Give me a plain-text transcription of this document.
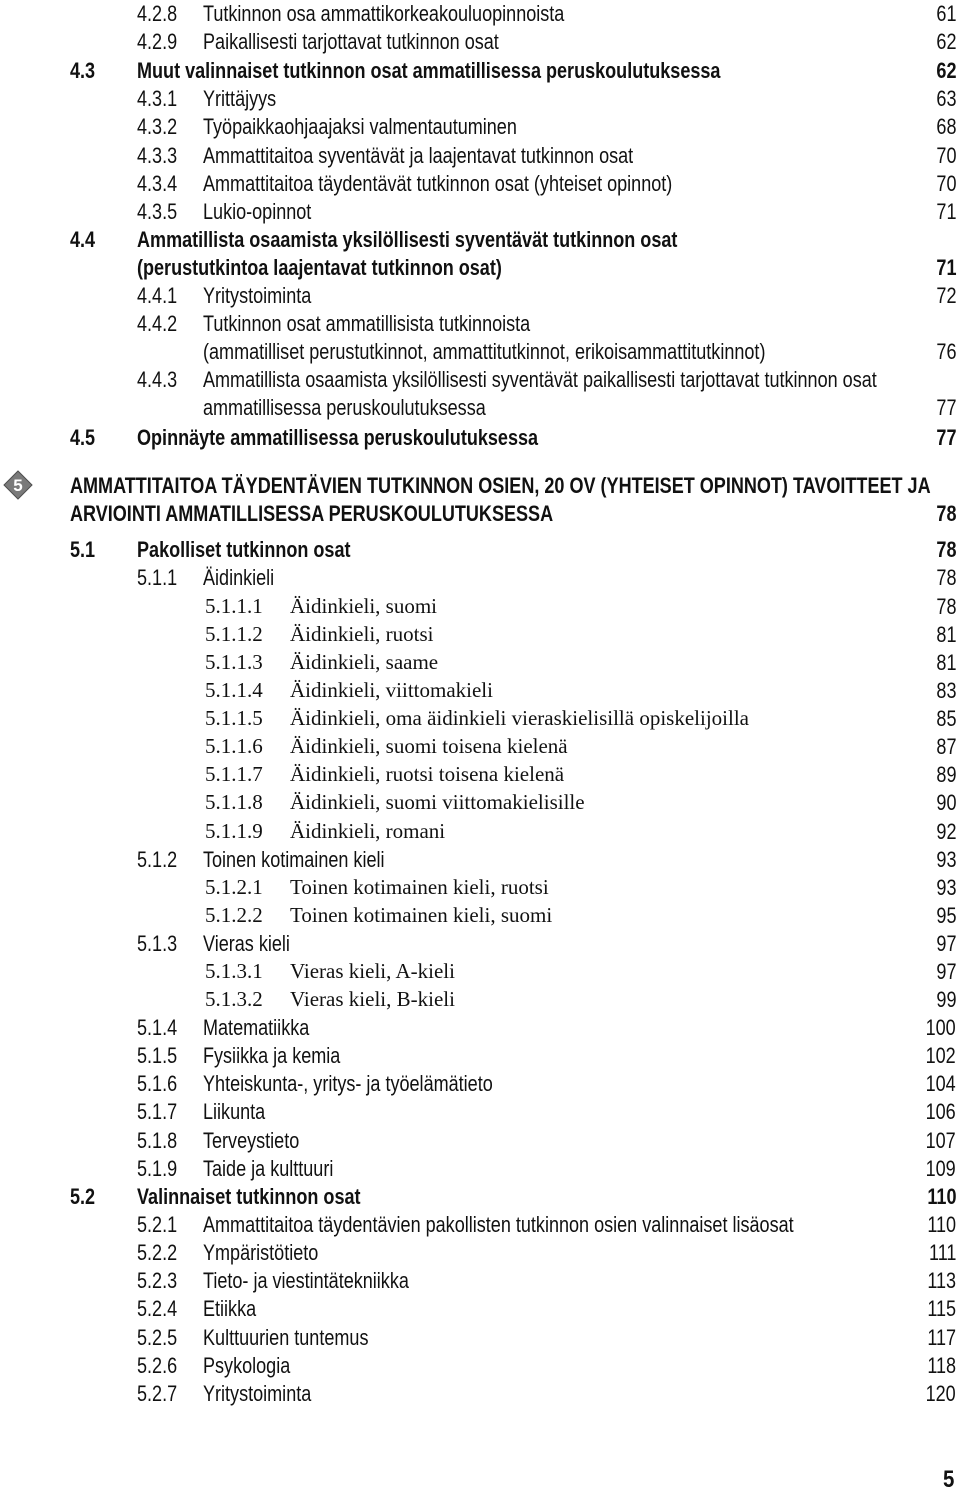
4.2.8 Tutkinnon osa ammattikorkeakouluopinnoista	61
4.2.9 Paikallisesti tarjottavat tutkinnon osat	62
4.3 Muut valinnaiset tutkinnon osat ammatillisessa peruskoulutuksessa	62
4.3.1 Yrittäjyys	63
4.3.2 Työpaikkaohjaajaksi valmentautuminen	68
4.3.3 Ammattitaitoa syventävät ja laajentavat tutkinnon osat	70
4.3.4 Ammattitaitoa täydentävät tutkinnon osat (yhteiset opinnot)	70
4.3.5 Lukio-opinnot	71
4.4 Ammatillista osaamista yksilöllisesti syventävät tutkinnon osat
(perustutkintoa laajentavat tutkinnon osat)	71
4.4.1 Yritystoiminta	72
4.4.2 Tutkinnon osat ammatillisista tutkinnoista
(ammatilliset perustutkinnot, ammattitutkinnot, erikoisammattitutkinnot)	76
4.4.3 Ammatillista osaamista yksilöllisesti syventävät paikallisesti tarjottavat tutkinnon osat
ammatillisessa peruskoulutuksessa	77
4.5 Opinnäyte ammatillisessa peruskoulutuksessa	77
AMMATTITAITOA TÄYDENTÄVIEN TUTKINNON OSIEN, 20 OV (YHTEISET OPINNOT) TAVOITTEET JA
ARVIOINTI AMMATILLISESSA PERUSKOULUTUKSESSA	78
5.1 Pakolliset tutkinnon osat	78
5.1.1 Äidinkieli	78
5.1.1.1 Äidinkieli, suomi	78
5.1.1.2 Äidinkieli, ruotsi	81
5.1.1.3 Äidinkieli, saame	81
5.1.1.4 Äidinkieli, viittomakieli	83
5.1.1.5 Äidinkieli, oma äidinkieli vieraskielisillä opiskelijoilla	85
5.1.1.6 Äidinkieli, suomi toisena kielenä	87
5.1.1.7 Äidinkieli, ruotsi toisena kielenä	89
5.1.1.8 Äidinkieli, suomi viittomakielisille	90
5.1.1.9 Äidinkieli, romani	92
5.1.2 Toinen kotimainen kieli	93
5.1.2.1 Toinen kotimainen kieli, ruotsi	93
5.1.2.2 Toinen kotimainen kieli, suomi	95
5.1.3 Vieras kieli	97
5.1.3.1 Vieras kieli, A-kieli	97
5.1.3.2 Vieras kieli, B-kieli	99
5.1.4 Matematiikka	100
5.1.5 Fysiikka ja kemia	102
5.1.6 Yhteiskunta-, yritys- ja työelämätieto	104
5.1.7 Liikunta	106
5.1.8 Terveystieto	107
5.1.9 Taide ja kulttuuri	109
5.2 Valinnaiset tutkinnon osat	110
5.2.1 Ammattitaitoa täydentävien pakollisten tutkinnon osien valinnaiset lisäosat	110
5.2.2 Ympäristötieto	111
5.2.3 Tieto- ja viestintätekniikka	113
5.2.4 Etiikka	115
5.2.5 Kulttuurien tuntemus	117
5.2.6 Psykologia	118
5.2.7 Yritystoiminta	120
5
5
